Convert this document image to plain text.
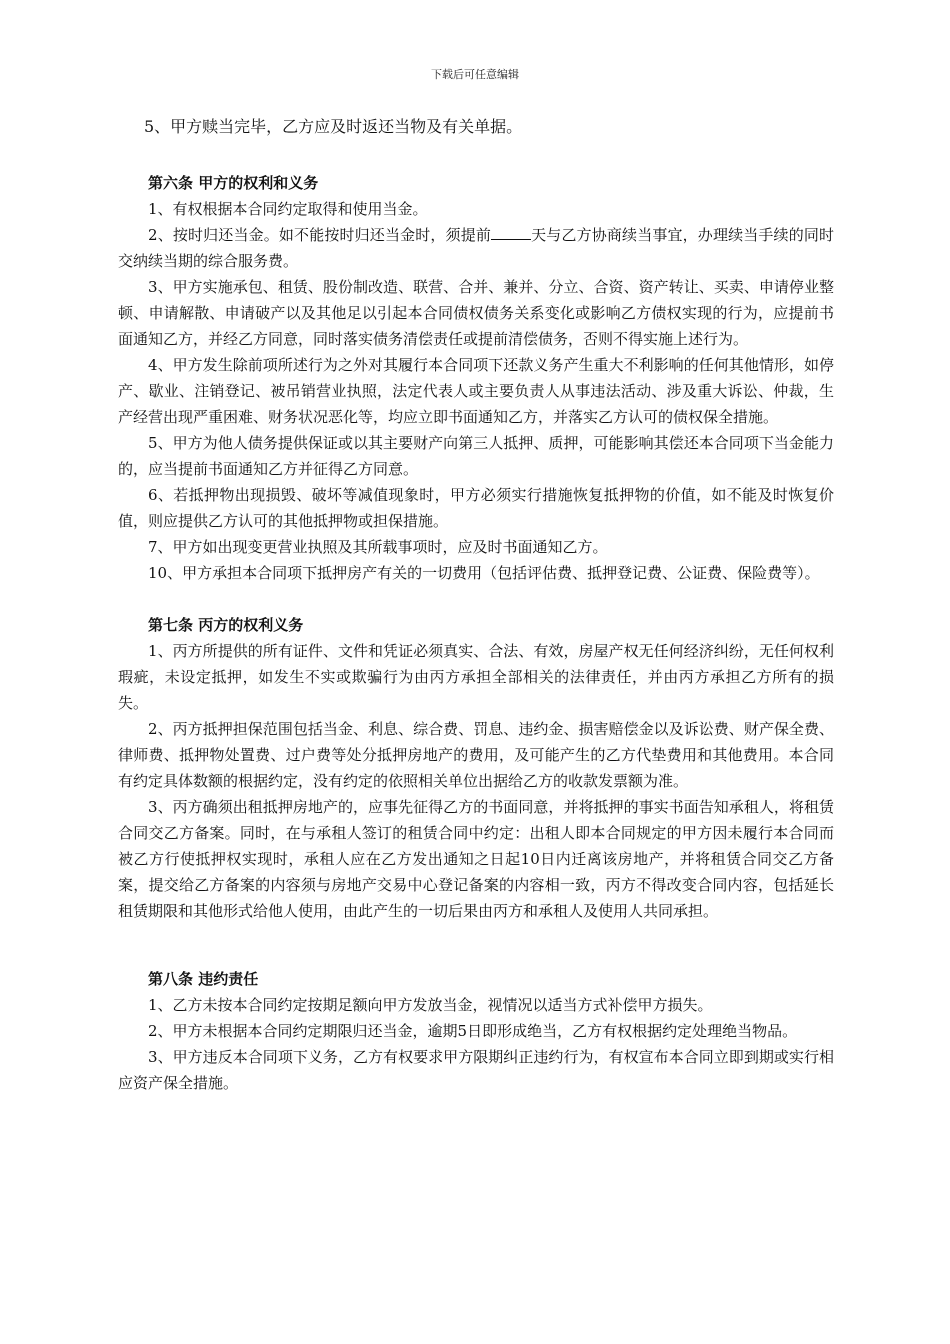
下载后可任意编辑

5、甲方赎当完毕，乙方应及时返还当物及有关单据。

第六条 甲方的权利和义务

1、有权根据本合同约定取得和使用当金。

2、按时归还当金。如不能按时归还当金时，须提前	天与乙方协商续当事宜，办理续当手续的同时交纳续当期的综合服务费。

3、甲方实施承包、租赁、股份制改造、联营、合并、兼并、分立、合资、资产转让、买卖、申请停业整顿、申请解散、申请破产以及其他足以引起本合同债权债务关系变化或影响乙方债权实现的行为，应提前书面通知乙方，并经乙方同意，同时落实债务清偿责任或提前清偿债务，否则不得实施上述行为。

4、甲方发生除前项所述行为之外对其履行本合同项下还款义务产生重大不利影响的任何其他情形，如停产、歇业、注销登记、被吊销营业执照，法定代表人或主要负责人从事违法活动、涉及重大诉讼、仲裁，生产经营出现严重困难、财务状况恶化等，均应立即书面通知乙方，并落实乙方认可的债权保全措施。

5、甲方为他人债务提供保证或以其主要财产向第三人抵押、质押，可能影响其偿还本合同项下当金能力的，应当提前书面通知乙方并征得乙方同意。

6、若抵押物出现损毁、破坏等减值现象时，甲方必须实行措施恢复抵押物的价值，如不能及时恢复价值，则应提供乙方认可的其他抵押物或担保措施。

7、甲方如出现变更营业执照及其所载事项时，应及时书面通知乙方。

10、甲方承担本合同项下抵押房产有关的一切费用（包括评估费、抵押登记费、公证费、保险费等）。

第七条 丙方的权利义务

1、丙方所提供的所有证件、文件和凭证必须真实、合法、有效，房屋产权无任何经济纠纷，无任何权利瑕疵，未设定抵押，如发生不实或欺骗行为由丙方承担全部相关的法律责任，并由丙方承担乙方所有的损失。

2、丙方抵押担保范围包括当金、利息、综合费、罚息、违约金、损害赔偿金以及诉讼费、财产保全费、律师费、抵押物处置费、过户费等处分抵押房地产的费用，及可能产生的乙方代垫费用和其他费用。本合同有约定具体数额的根据约定，没有约定的依照相关单位出据给乙方的收款发票额为准。

3、丙方确须出租抵押房地产的，应事先征得乙方的书面同意，并将抵押的事实书面告知承租人，将租赁合同交乙方备案。同时，在与承租人签订的租赁合同中约定：出租人即本合同规定的甲方因未履行本合同而被乙方行使抵押权实现时，承租人应在乙方发出通知之日起10日内迁离该房地产，并将租赁合同交乙方备案，提交给乙方备案的内容须与房地产交易中心登记备案的内容相一致，丙方不得改变合同内容，包括延长租赁期限和其他形式给他人使用，由此产生的一切后果由丙方和承租人及使用人共同承担。

第八条 违约责任

1、乙方未按本合同约定按期足额向甲方发放当金，视情况以适当方式补偿甲方损失。

2、甲方未根据本合同约定期限归还当金，逾期5日即形成绝当，乙方有权根据约定处理绝当物品。

3、甲方违反本合同项下义务，乙方有权要求甲方限期纠正违约行为，有权宣布本合同立即到期或实行相应资产保全措施。
